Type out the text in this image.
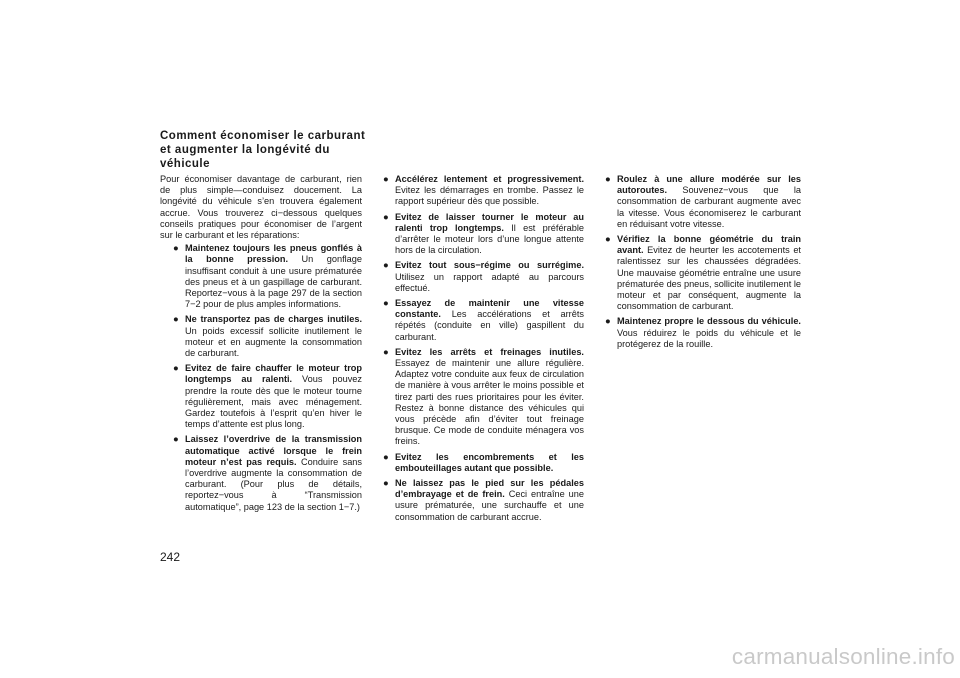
Comment économiser le carburant et augmenter la longévité du véhicule

Pour économiser davantage de carburant, rien de plus simple—conduisez doucement. La longévité du véhicule s’en trouvera également accrue. Vous trouverez ci−dessous quelques conseils pratiques pour économiser de l’argent sur le carburant et les réparations:

● Maintenez toujours les pneus gonflés à la bonne pression. Un gonflage insuffisant conduit à une usure prématurée des pneus et à un gaspillage de carburant. Reportez−vous à la page 297 de la section 7−2 pour de plus amples informations.
● Ne transportez pas de charges inutiles. Un poids excessif sollicite inutilement le moteur et en augmente la consommation de carburant.
● Evitez de faire chauffer le moteur trop longtemps au ralenti. Vous pouvez prendre la route dès que le moteur tourne régulièrement, mais avec ménagement. Gardez toutefois à l’esprit qu’en hiver le temps d’attente est plus long.
● Laissez l’overdrive de la transmission automatique activé lorsque le frein moteur n’est pas requis. Conduire sans l’overdrive augmente la consommation de carburant. (Pour plus de détails, reportez−vous à “Transmission automatique”, page 123 de la section 1−7.)
● Accélérez lentement et progressivement. Evitez les démarrages en trombe. Passez le rapport supérieur dès que possible.
● Evitez de laisser tourner le moteur au ralenti trop longtemps. Il est préférable d’arrêter le moteur lors d’une longue attente hors de la circulation.
● Evitez tout sous−régime ou surrégime. Utilisez un rapport adapté au parcours effectué.
● Essayez de maintenir une vitesse constante. Les accélérations et arrêts répétés (conduite en ville) gaspillent du carburant.
● Evitez les arrêts et freinages inutiles. Essayez de maintenir une allure régulière. Adaptez votre conduite aux feux de circulation de manière à vous arrêter le moins possible et tirez parti des rues prioritaires pour les éviter. Restez à bonne distance des véhicules qui vous précède afin d’éviter tout freinage brusque. Ce mode de conduite ménagera vos freins.
● Evitez les encombrements et les embouteillages autant que possible.
● Ne laissez pas le pied sur les pédales d’embrayage et de frein. Ceci entraîne une usure prématurée, une surchauffe et une consommation de carburant accrue.
● Roulez à une allure modérée sur les autoroutes. Souvenez−vous que la consommation de carburant augmente avec la vitesse. Vous économiserez le carburant en réduisant votre vitesse.
● Vérifiez la bonne géométrie du train avant. Evitez de heurter les accotements et ralentissez sur les chaussées dégradées. Une mauvaise géométrie entraîne une usure prématurée des pneus, sollicite inutilement le moteur et par conséquent, augmente la consommation de carburant.
● Maintenez propre le dessous du véhicule. Vous réduirez le poids du véhicule et le protégerez de la rouille.

242

carmanualsonline.info
